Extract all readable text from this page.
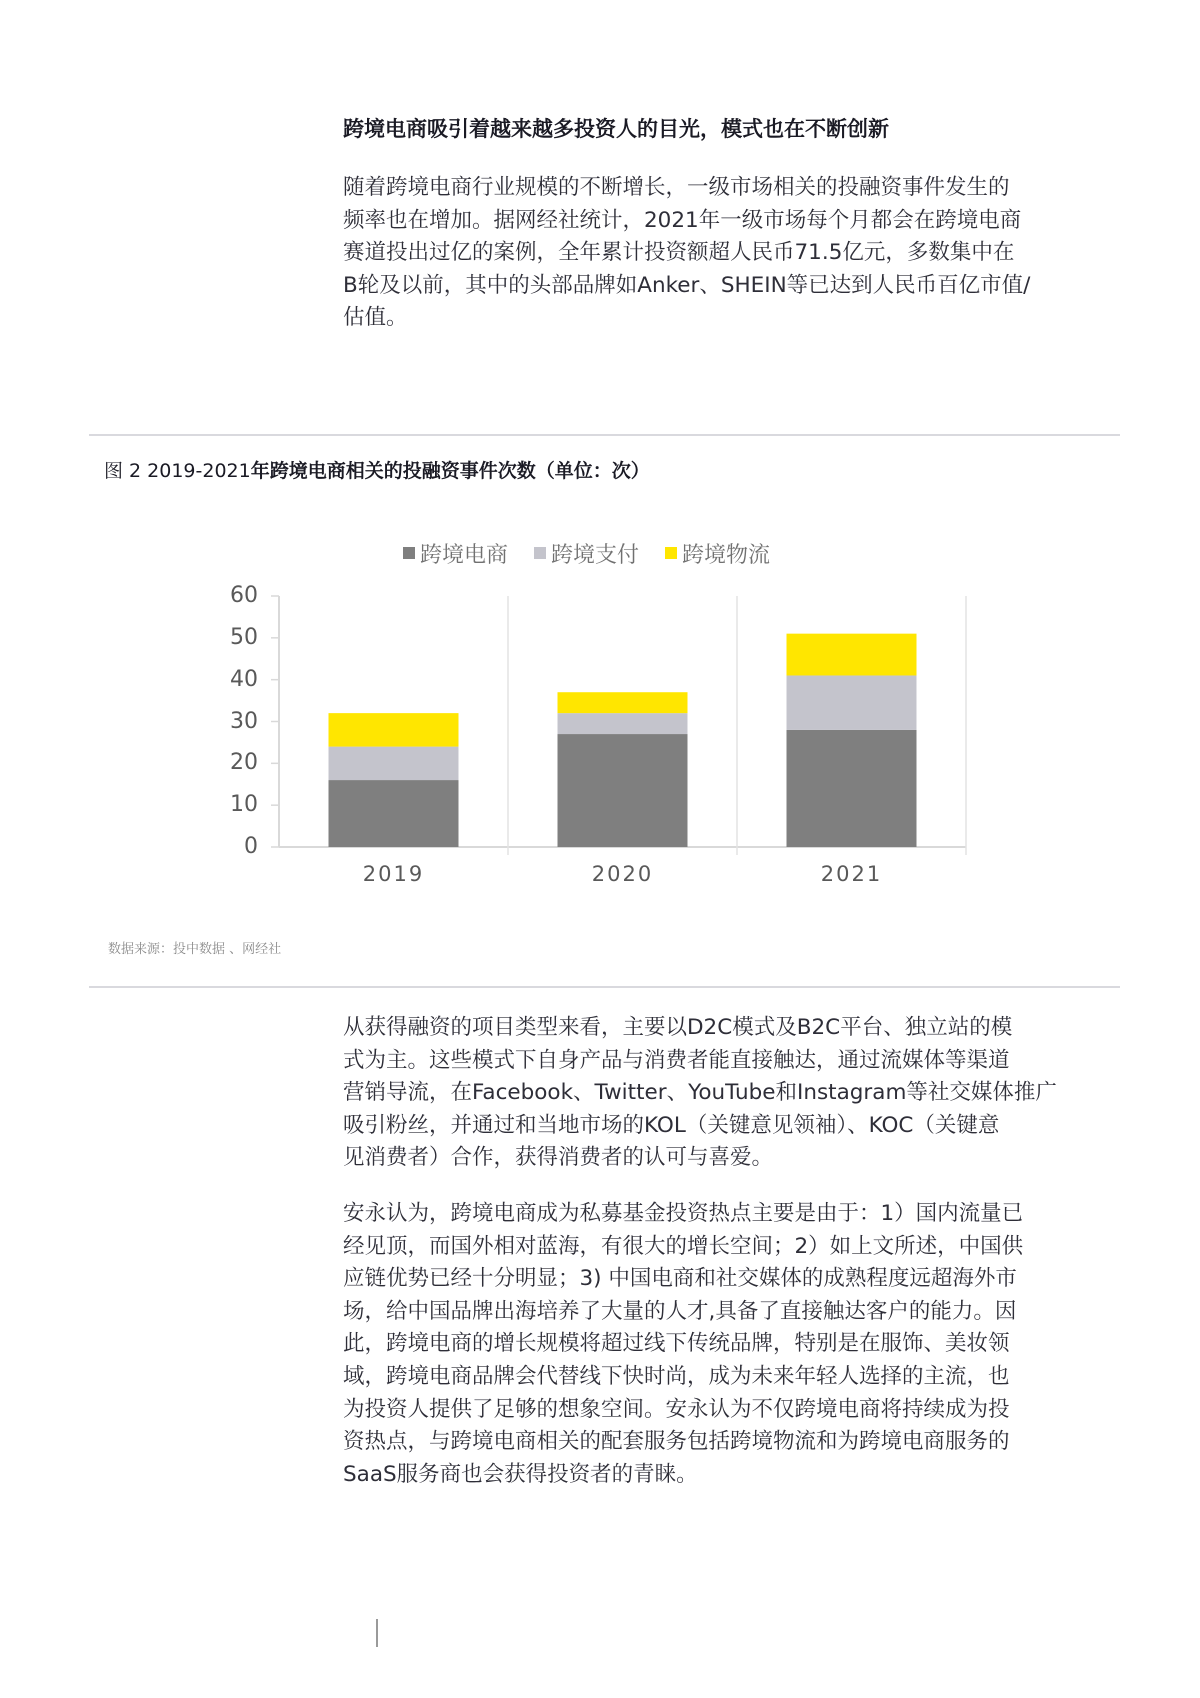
跨境电商吸引着越来越多投资人的目光，模式也在不断创新
随着跨境电商行业规模的不断增长，一级市场相关的投融资事件发生的
频率也在增加。据网经社统计，2021年一级市场每个月都会在跨境电商
赛道投出过亿的案例，全年累计投资额超人民币71.5亿元，多数集中在
B轮及以前，其中的头部品牌如Anker、SHEIN等已达到人民币百亿市值/
估值。
图 2 2019-2021年跨境电商相关的投融资事件次数（单位：次）
跨境电商 跨境支付 跨境物流
0
10
20
30
40
50
60
2019	2020	2021
数据来源：投中数据 、网经社
从获得融资的项目类型来看，主要以D2C模式及B2C平台、独立站的模
式为主。这些模式下自身产品与消费者能直接触达，通过流媒体等渠道
营销导流，在Facebook、Twitter、YouTube和Instagram等社交媒体推广
吸引粉丝，并通过和当地市场的KOL（关键意见领袖）、KOC（关键意
见消费者）合作，获得消费者的认可与喜爱。
安永认为，跨境电商成为私募基金投资热点主要是由于：1）国内流量已
经见顶，而国外相对蓝海，有很大的增长空间；2）如上文所述，中国供
应链优势已经十分明显；3) 中国电商和社交媒体的成熟程度远超海外市
场，给中国品牌出海培养了大量的人才,具备了直接触达客户的能力。因
此，跨境电商的增长规模将超过线下传统品牌，特别是在服饰、美妆领
域，跨境电商品牌会代替线下快时尚，成为未来年轻人选择的主流，也
为投资人提供了足够的想象空间。安永认为不仅跨境电商将持续成为投
资热点，与跨境电商相关的配套服务包括跨境物流和为跨境电商服务的
SaaS服务商也会获得投资者的青睐。
